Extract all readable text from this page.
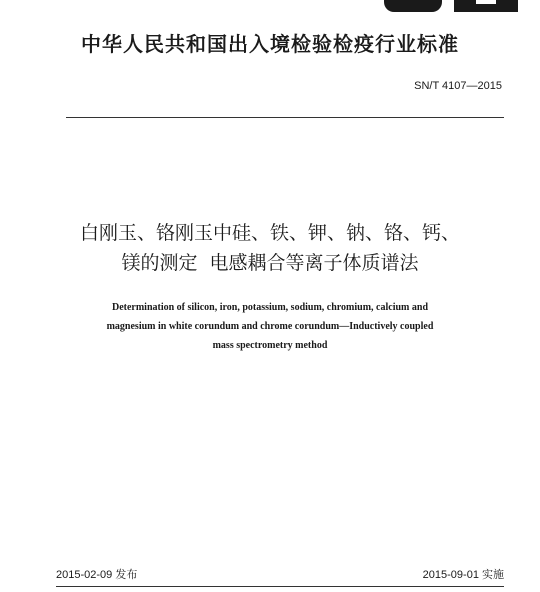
中华人民共和国出入境检验检疫行业标准
SN/T 4107—2015
白刚玉、铬刚玉中硅、铁、钾、钠、铬、钙、
镁的测定  电感耦合等离子体质谱法
Determination of silicon, iron, potassium, sodium, chromium, calcium and
magnesium in white corundum and chrome corundum—Inductively coupled
mass spectrometry method
2015-02-09 发布	2015-09-01 实施
